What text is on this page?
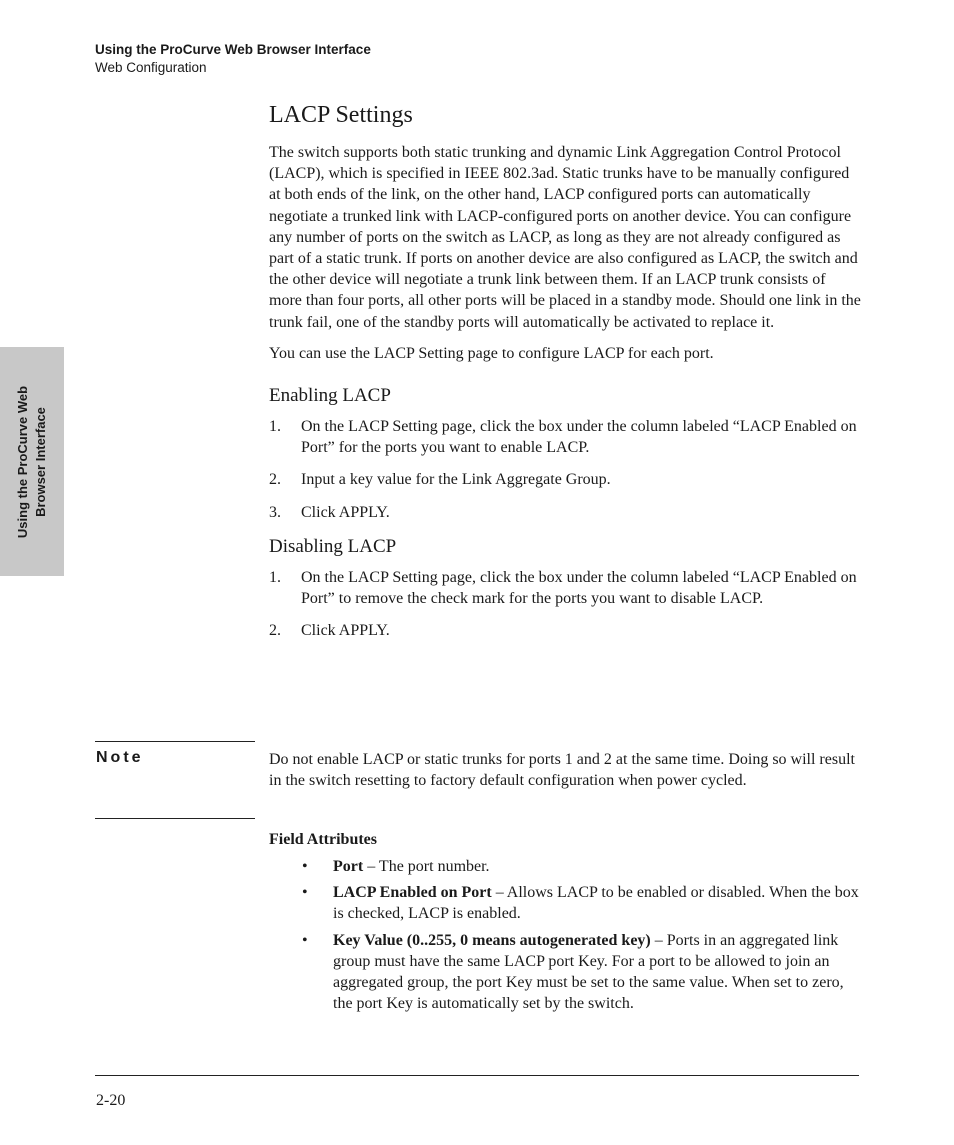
Using the ProCurve Web Browser Interface
Web Configuration
Using the ProCurve Web Browser Interface
LACP Settings

The switch supports both static trunking and dynamic Link Aggregation Control Protocol (LACP), which is specified in IEEE 802.3ad. Static trunks have to be manually configured at both ends of the link, on the other hand, LACP configured ports can automatically negotiate a trunked link with LACP-configured ports on another device. You can configure any number of ports on the switch as LACP, as long as they are not already configured as part of a static trunk. If ports on another device are also configured as LACP, the switch and the other device will negotiate a trunk link between them. If an LACP trunk consists of more than four ports, all other ports will be placed in a standby mode. Should one link in the trunk fail, one of the standby ports will automatically be activated to replace it.

You can use the LACP Setting page to configure LACP for each port.

Enabling LACP
1. On the LACP Setting page, click the box under the column labeled “LACP Enabled on Port” for the ports you want to enable LACP.
2. Input a key value for the Link Aggregate Group.
3. Click APPLY.
Disabling LACP
1. On the LACP Setting page, click the box under the column labeled “LACP Enabled on Port” to remove the check mark for the ports you want to disable LACP.
2. Click APPLY.
Note	Do not enable LACP or static trunks for ports 1 and 2 at the same time. Doing so will result in the switch resetting to factory default configuration when power cycled.

Field Attributes
• Port – The port number.
• LACP Enabled on Port – Allows LACP to be enabled or disabled. When the box is checked, LACP is enabled.
• Key Value (0..255, 0 means autogenerated key) – Ports in an aggregated link group must have the same LACP port Key. For a port to be allowed to join an aggregated group, the port Key must be set to the same value. When set to zero, the port Key is automatically set by the switch.
2-20
